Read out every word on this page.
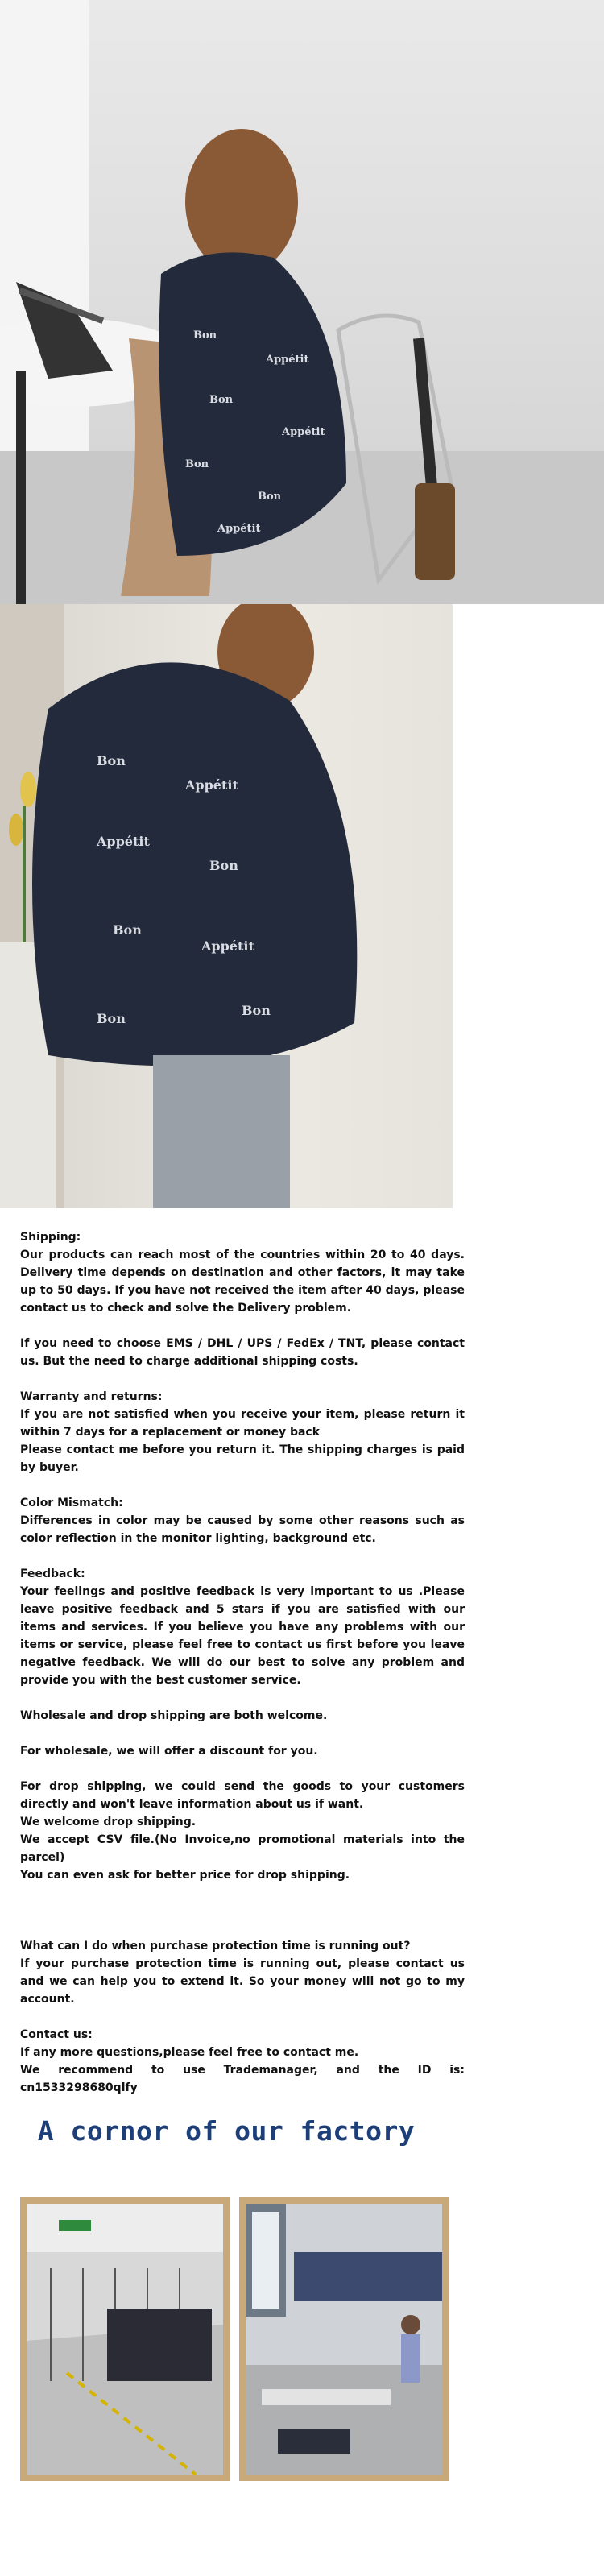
Bon
Appétit
Bon
Appétit
Bon
Bon
Appétit
Bon
Appétit
Appétit
Bon
Bon
Appétit
Bon
Bon

Shipping:

Our products can reach most of the countries within 20 to 40 days. Delivery time depends on destination and other factors, it may take up to 50 days. If you have not received the item after 40 days, please contact us to check and solve the Delivery problem.

If you need to choose EMS / DHL / UPS / FedEx / TNT, please contact us. But the need to charge additional shipping costs.

Warranty and returns:

If you are not satisfied when you receive your item, please return it within 7 days for a replacement or money back

Please contact me before you return it. The shipping charges is paid by buyer.

Color Mismatch:

Differences in color may be caused by some other reasons such as color reflection in the monitor lighting, background etc.

Feedback:

Your feelings and positive feedback is very important to us .Please leave positive feedback and 5 stars if you are satisfied with our items and services. If you believe you have any problems with our items or service, please feel free to contact us first before you leave negative feedback. We will do our best to solve any problem and provide you with the best customer service.

Wholesale and drop shipping are both welcome.

For wholesale, we will offer a discount for you.

For drop shipping, we could send the goods to your customers directly and won't leave information about us if want.

We welcome drop shipping.

We accept CSV file.(No Invoice,no promotional materials into the parcel)

You can even ask for better price for drop shipping.

What can I do when purchase protection time is running out?

If your purchase protection time is running out, please contact us and we can help you to extend it. So your money will not go to my account.

Contact us:

If any more questions,please feel free to contact me.

We recommend to use Trademanager, and the ID is: cn1533298680qlfy

A cornor of our factory
